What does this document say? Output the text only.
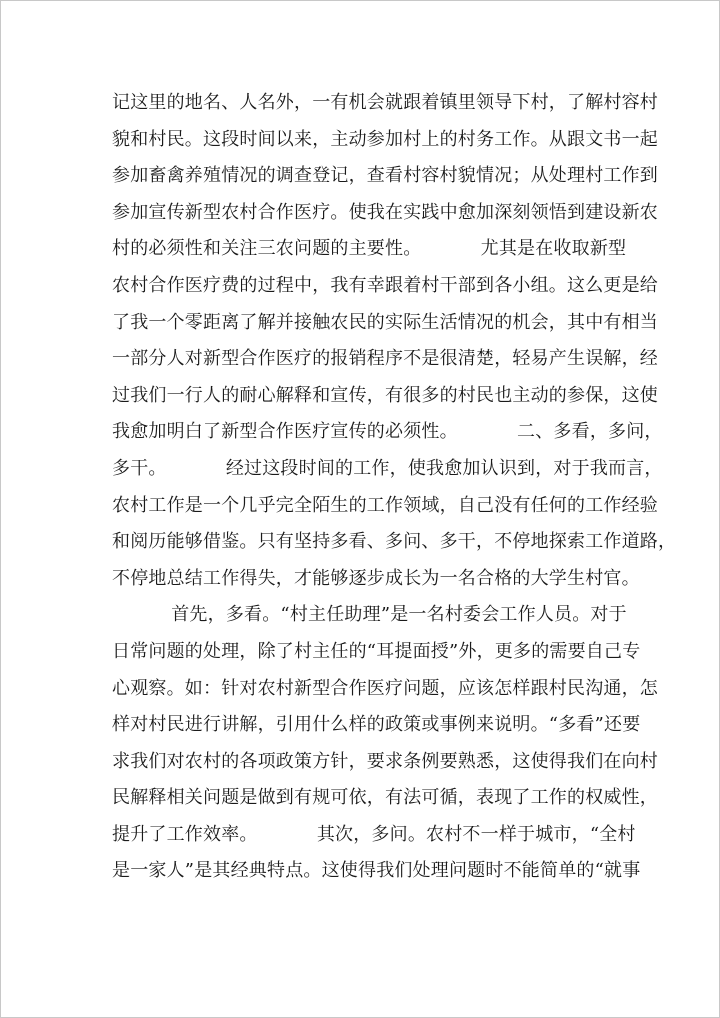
记这里的地名、人名外，一有机会就跟着镇里领导下村，了解村容村
貌和村民。这段时间以来，主动参加村上的村务工作。从跟文书一起
参加畜禽养殖情况的调查登记，查看村容村貌情况；从处理村工作到
参加宣传新型农村合作医疗。使我在实践中愈加深刻领悟到建设新农
村的必须性和关注三农问题的主要性。          尤其是在收取新型
农村合作医疗费的过程中，我有幸跟着村干部到各小组。这么更是给
了我一个零距离了解并接触农民的实际生活情况的机会，其中有相当
一部分人对新型合作医疗的报销程序不是很清楚，轻易产生误解，经
过我们一行人的耐心解释和宣传，有很多的村民也主动的参保，这使
我愈加明白了新型合作医疗宣传的必须性。          二、多看，多问，
多干。          经过这段时间的工作，使我愈加认识到，对于我而言，
农村工作是一个几乎完全陌生的工作领域，自己没有任何的工作经验
和阅历能够借鉴。只有坚持多看、多问、多干，不停地探索工作道路，
不停地总结工作得失，才能够逐步成长为一名合格的大学生村官。
首先，多看。“村主任助理”是一名村委会工作人员。对于
日常问题的处理，除了村主任的“耳提面授”外，更多的需要自己专
心观察。如：针对农村新型合作医疗问题，应该怎样跟村民沟通，怎
样对村民进行讲解，引用什么样的政策或事例来说明。“多看”还要
求我们对农村的各项政策方针，要求条例要熟悉，这使得我们在向村
民解释相关问题是做到有规可依，有法可循，表现了工作的权威性，
提升了工作效率。          其次，多问。农村不一样于城市，“全村
是一家人”是其经典特点。这使得我们处理问题时不能简单的“就事
